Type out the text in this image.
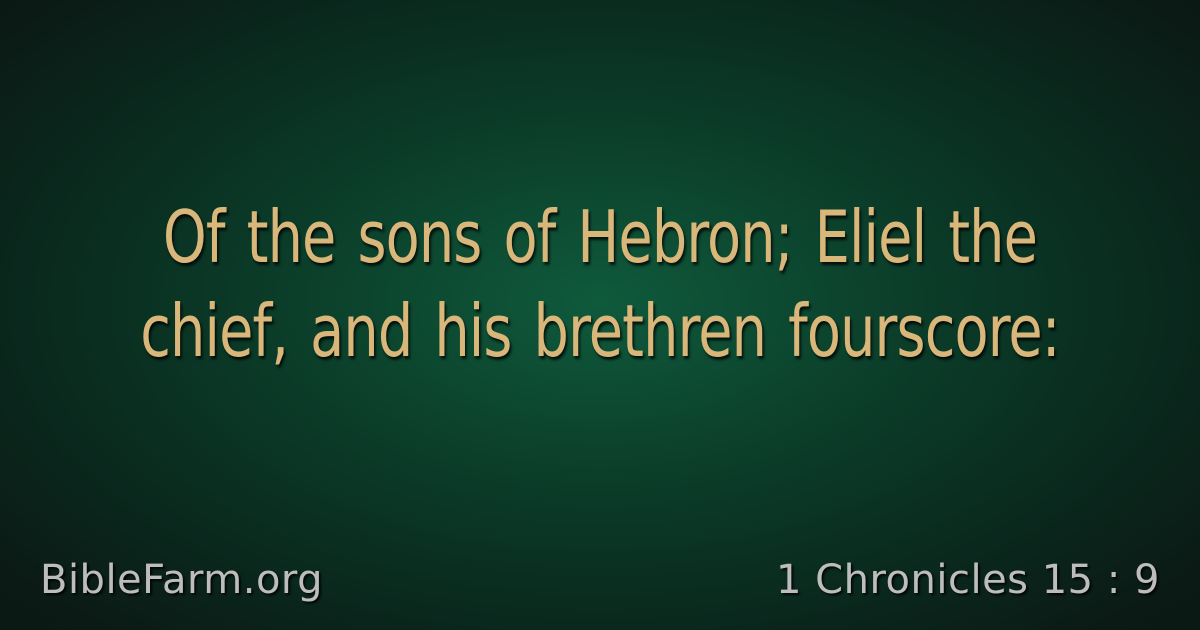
Of the sons of Hebron; Eliel the
chief, and his brethren fourscore:
BibleFarm.org	1 Chronicles 15 : 9
